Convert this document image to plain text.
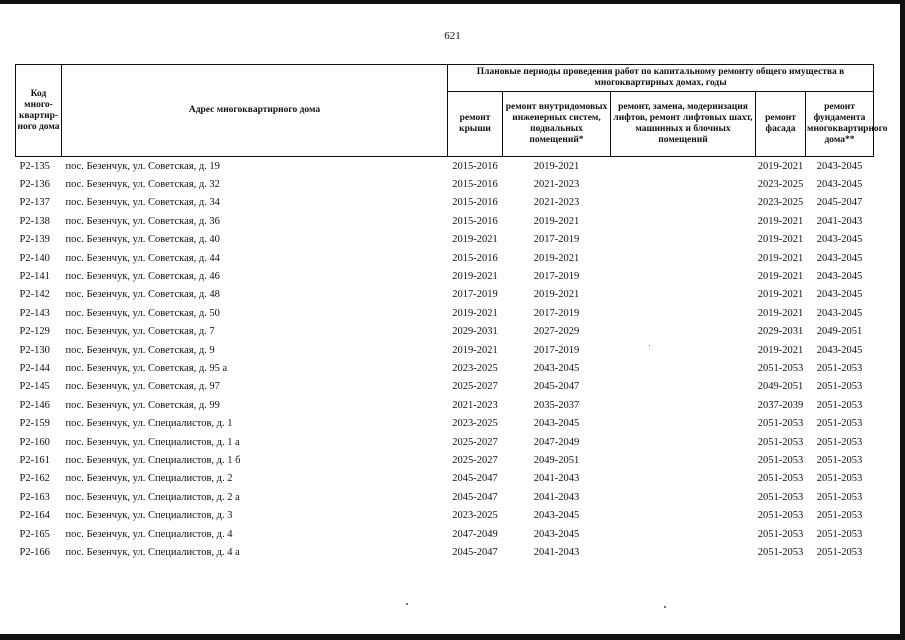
621
Код много-квартир-ного дома	Адрес многоквартирного дома	Плановые периоды проведения работ по капитальному ремонту общего имущества в многоквартирных домах, годы				
		ремонт крыши	ремонт внутридомовых инженерных систем, подвальных помещений*	ремонт, замена, модернизация лифтов, ремонт лифтовых шахт, машинных и блочных помещений	ремонт фасада	ремонт фундамента многоквартирного дома**
Р2-135	пос. Безенчук, ул. Советская, д. 19	2015-2016	2019-2021		2019-2021	2043-2045
Р2-136	пос. Безенчук, ул. Советская, д. 32	2015-2016	2021-2023		2023-2025	2043-2045
Р2-137	пос. Безенчук, ул. Советская, д. 34	2015-2016	2021-2023		2023-2025	2045-2047
Р2-138	пос. Безенчук, ул. Советская, д. 36	2015-2016	2019-2021		2019-2021	2041-2043
Р2-139	пос. Безенчук, ул. Советская, д. 40	2019-2021	2017-2019		2019-2021	2043-2045
Р2-140	пос. Безенчук, ул. Советская, д. 44	2015-2016	2019-2021		2019-2021	2043-2045
Р2-141	пос. Безенчук, ул. Советская, д. 46	2019-2021	2017-2019		2019-2021	2043-2045
Р2-142	пос. Безенчук, ул. Советская, д. 48	2017-2019	2019-2021		2019-2021	2043-2045
Р2-143	пос. Безенчук, ул. Советская, д. 50	2019-2021	2017-2019		2019-2021	2043-2045
Р2-129	пос. Безенчук, ул. Советская, д. 7	2029-2031	2027-2029		2029-2031	2049-2051
Р2-130	пос. Безенчук, ул. Советская, д. 9	2019-2021	2017-2019		2019-2021	2043-2045
Р2-144	пос. Безенчук, ул. Советская, д. 95 а	2023-2025	2043-2045		2051-2053	2051-2053
Р2-145	пос. Безенчук, ул. Советская, д. 97	2025-2027	2045-2047		2049-2051	2051-2053
Р2-146	пос. Безенчук, ул. Советская, д. 99	2021-2023	2035-2037		2037-2039	2051-2053
Р2-159	пос. Безенчук, ул. Специалистов, д. 1	2023-2025	2043-2045		2051-2053	2051-2053
Р2-160	пос. Безенчук, ул. Специалистов, д. 1 а	2025-2027	2047-2049		2051-2053	2051-2053
Р2-161	пос. Безенчук, ул. Специалистов, д. 1 б	2025-2027	2049-2051		2051-2053	2051-2053
Р2-162	пос. Безенчук, ул. Специалистов, д. 2	2045-2047	2041-2043		2051-2053	2051-2053
Р2-163	пос. Безенчук, ул. Специалистов, д. 2 а	2045-2047	2041-2043		2051-2053	2051-2053
Р2-164	пос. Безенчук, ул. Специалистов, д. 3	2023-2025	2043-2045		2051-2053	2051-2053
Р2-165	пос. Безенчук, ул. Специалистов, д. 4	2047-2049	2043-2045		2051-2053	2051-2053
Р2-166	пос. Безенчук, ул. Специалистов, д. 4 а	2045-2047	2041-2043		2051-2053	2051-2053
